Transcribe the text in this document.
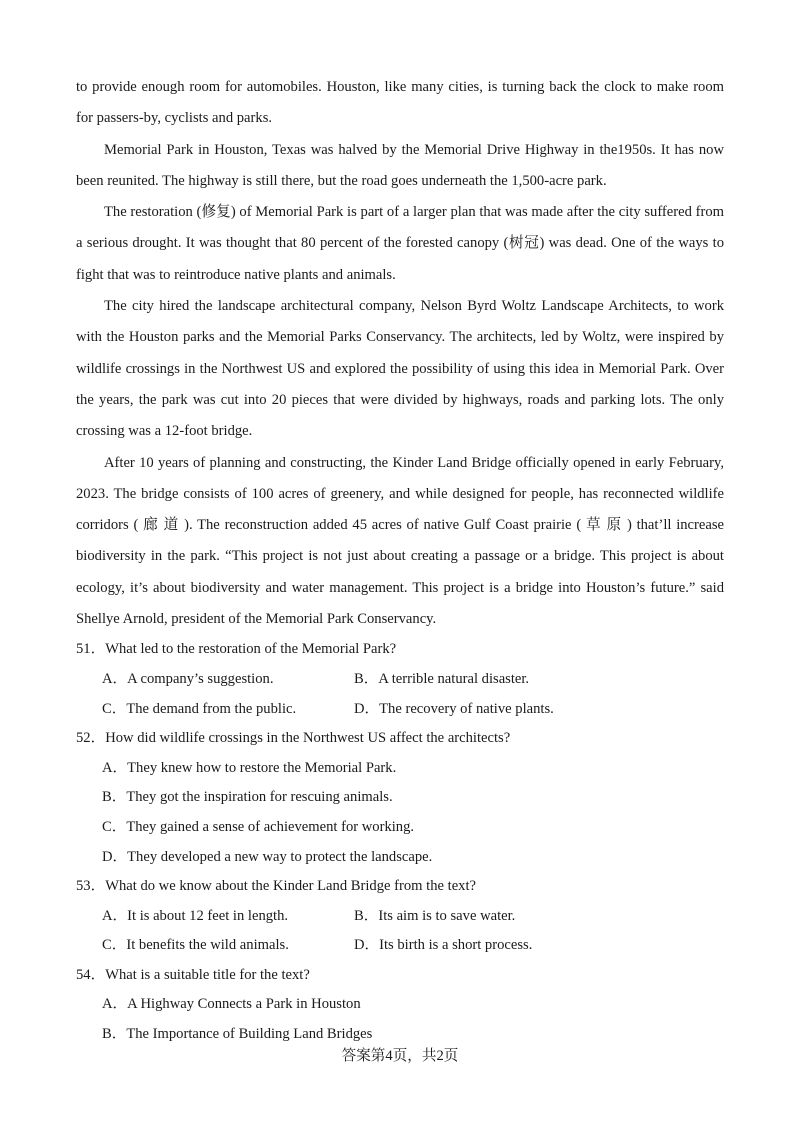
to provide enough room for automobiles. Houston, like many cities, is turning back the clock to make room for passers-by, cyclists and parks.

Memorial Park in Houston, Texas was halved by the Memorial Drive Highway in the1950s. It has now been reunited. The highway is still there, but the road goes underneath the 1,500-acre park.

The restoration (修复) of Memorial Park is part of a larger plan that was made after the city suffered from a serious drought. It was thought that 80 percent of the forested canopy (树冠) was dead. One of the ways to fight that was to reintroduce native plants and animals.

The city hired the landscape architectural company, Nelson Byrd Woltz Landscape Architects, to work with the Houston parks and the Memorial Parks Conservancy. The architects, led by Woltz, were inspired by wildlife crossings in the Northwest US and explored the possibility of using this idea in Memorial Park. Over the years, the park was cut into 20 pieces that were divided by highways, roads and parking lots. The only crossing was a 12-foot bridge.

After 10 years of planning and constructing, the Kinder Land Bridge officially opened in early February, 2023. The bridge consists of 100 acres of greenery, and while designed for people, has reconnected wildlife corridors ( 廊 道 ). The reconstruction added 45 acres of native Gulf Coast prairie ( 草 原 ) that’ll increase biodiversity in the park. “This project is not just about creating a passage or a bridge. This project is about ecology, it’s about biodiversity and water management. This project is a bridge into Houston’s future.” said Shellye Arnold, president of the Memorial Park Conservancy.

51．What led to the restoration of the Memorial Park?

A．A company’s suggestion.	B．A terrible natural disaster.
C．The demand from the public.	D．The recovery of native plants.

52．How did wildlife crossings in the Northwest US affect the architects?

A．They knew how to restore the Memorial Park.

B．They got the inspiration for rescuing animals.

C．They gained a sense of achievement for working.

D．They developed a new way to protect the landscape.

53．What do we know about the Kinder Land Bridge from the text?

A．It is about 12 feet in length.	B．Its aim is to save water.
C．It benefits the wild animals.	D．Its birth is a short process.

54．What is a suitable title for the text?

A．A Highway Connects a Park in Houston

B．The Importance of Building Land Bridges

答案第4页，共2页
